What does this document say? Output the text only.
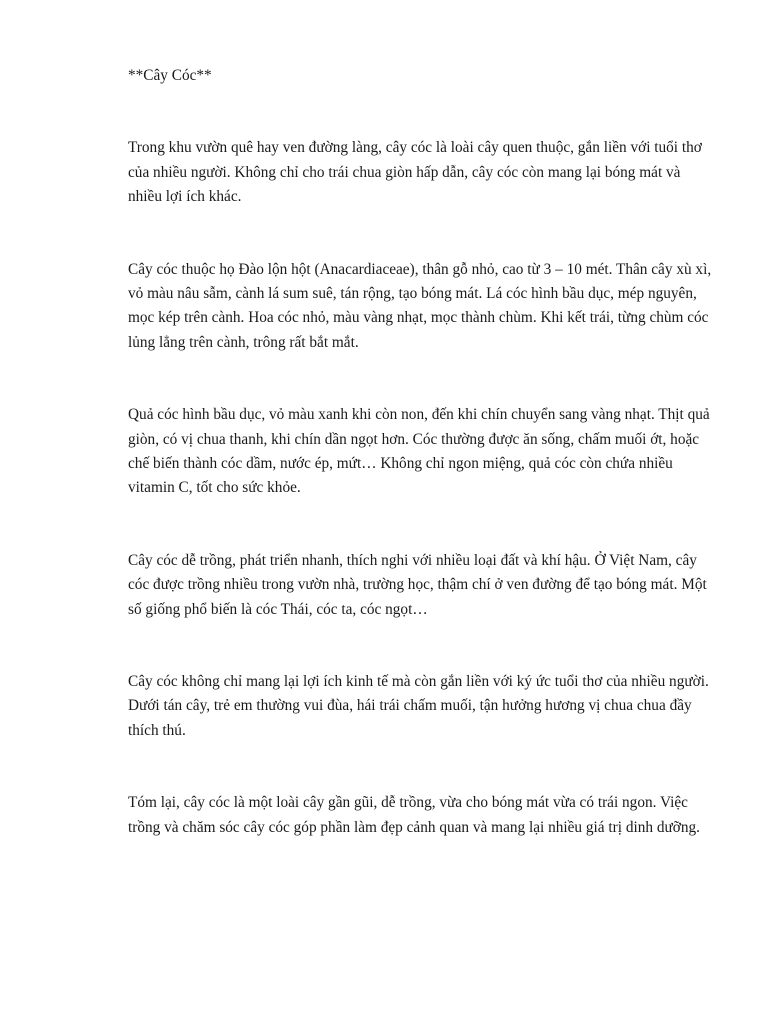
**Cây Cóc**

Trong khu vườn quê hay ven đường làng, cây cóc là loài cây quen thuộc, gắn liền với tuổi thơ của nhiều người. Không chỉ cho trái chua giòn hấp dẫn, cây cóc còn mang lại bóng mát và nhiều lợi ích khác.

Cây cóc thuộc họ Đào lộn hột (Anacardiaceae), thân gỗ nhỏ, cao từ 3 – 10 mét. Thân cây xù xì, vỏ màu nâu sẫm, cành lá sum suê, tán rộng, tạo bóng mát. Lá cóc hình bầu dục, mép nguyên, mọc kép trên cành. Hoa cóc nhỏ, màu vàng nhạt, mọc thành chùm. Khi kết trái, từng chùm cóc lủng lẳng trên cành, trông rất bắt mắt.

Quả cóc hình bầu dục, vỏ màu xanh khi còn non, đến khi chín chuyển sang vàng nhạt. Thịt quả giòn, có vị chua thanh, khi chín dần ngọt hơn. Cóc thường được ăn sống, chấm muối ớt, hoặc chế biến thành cóc dầm, nước ép, mứt… Không chỉ ngon miệng, quả cóc còn chứa nhiều vitamin C, tốt cho sức khỏe.

Cây cóc dễ trồng, phát triển nhanh, thích nghi với nhiều loại đất và khí hậu. Ở Việt Nam, cây cóc được trồng nhiều trong vườn nhà, trường học, thậm chí ở ven đường để tạo bóng mát. Một số giống phổ biến là cóc Thái, cóc ta, cóc ngọt…

Cây cóc không chỉ mang lại lợi ích kinh tế mà còn gắn liền với ký ức tuổi thơ của nhiều người. Dưới tán cây, trẻ em thường vui đùa, hái trái chấm muối, tận hưởng hương vị chua chua đầy thích thú.

Tóm lại, cây cóc là một loài cây gần gũi, dễ trồng, vừa cho bóng mát vừa có trái ngon. Việc trồng và chăm sóc cây cóc góp phần làm đẹp cảnh quan và mang lại nhiều giá trị dinh dưỡng.
